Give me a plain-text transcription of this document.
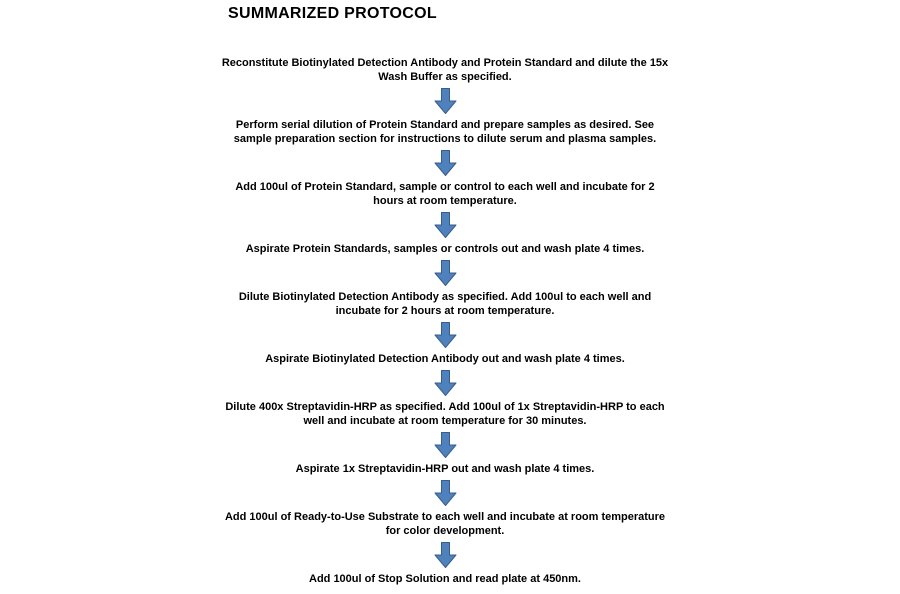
SUMMARIZED PROTOCOL
Reconstitute Biotinylated Detection Antibody and Protein Standard and dilute the 15x
Wash Buffer as specified.
Perform serial dilution of Protein Standard and prepare samples as desired. See
sample preparation section for instructions to dilute serum and plasma samples.
Add 100ul of Protein Standard, sample or control to each well and incubate for 2
hours at room temperature.
Aspirate Protein Standards, samples or controls out and wash plate 4 times.
Dilute Biotinylated Detection Antibody as specified. Add 100ul to each well and
incubate for 2 hours at room temperature.
Aspirate Biotinylated Detection Antibody out and wash plate 4 times.
Dilute 400x Streptavidin-HRP as specified. Add 100ul of 1x Streptavidin-HRP to each
well and incubate at room temperature for 30 minutes.
Aspirate 1x Streptavidin-HRP out and wash plate 4 times.
Add 100ul of Ready-to-Use Substrate to each well and incubate at room temperature
for color development.
Add 100ul of Stop Solution and read plate at 450nm.
